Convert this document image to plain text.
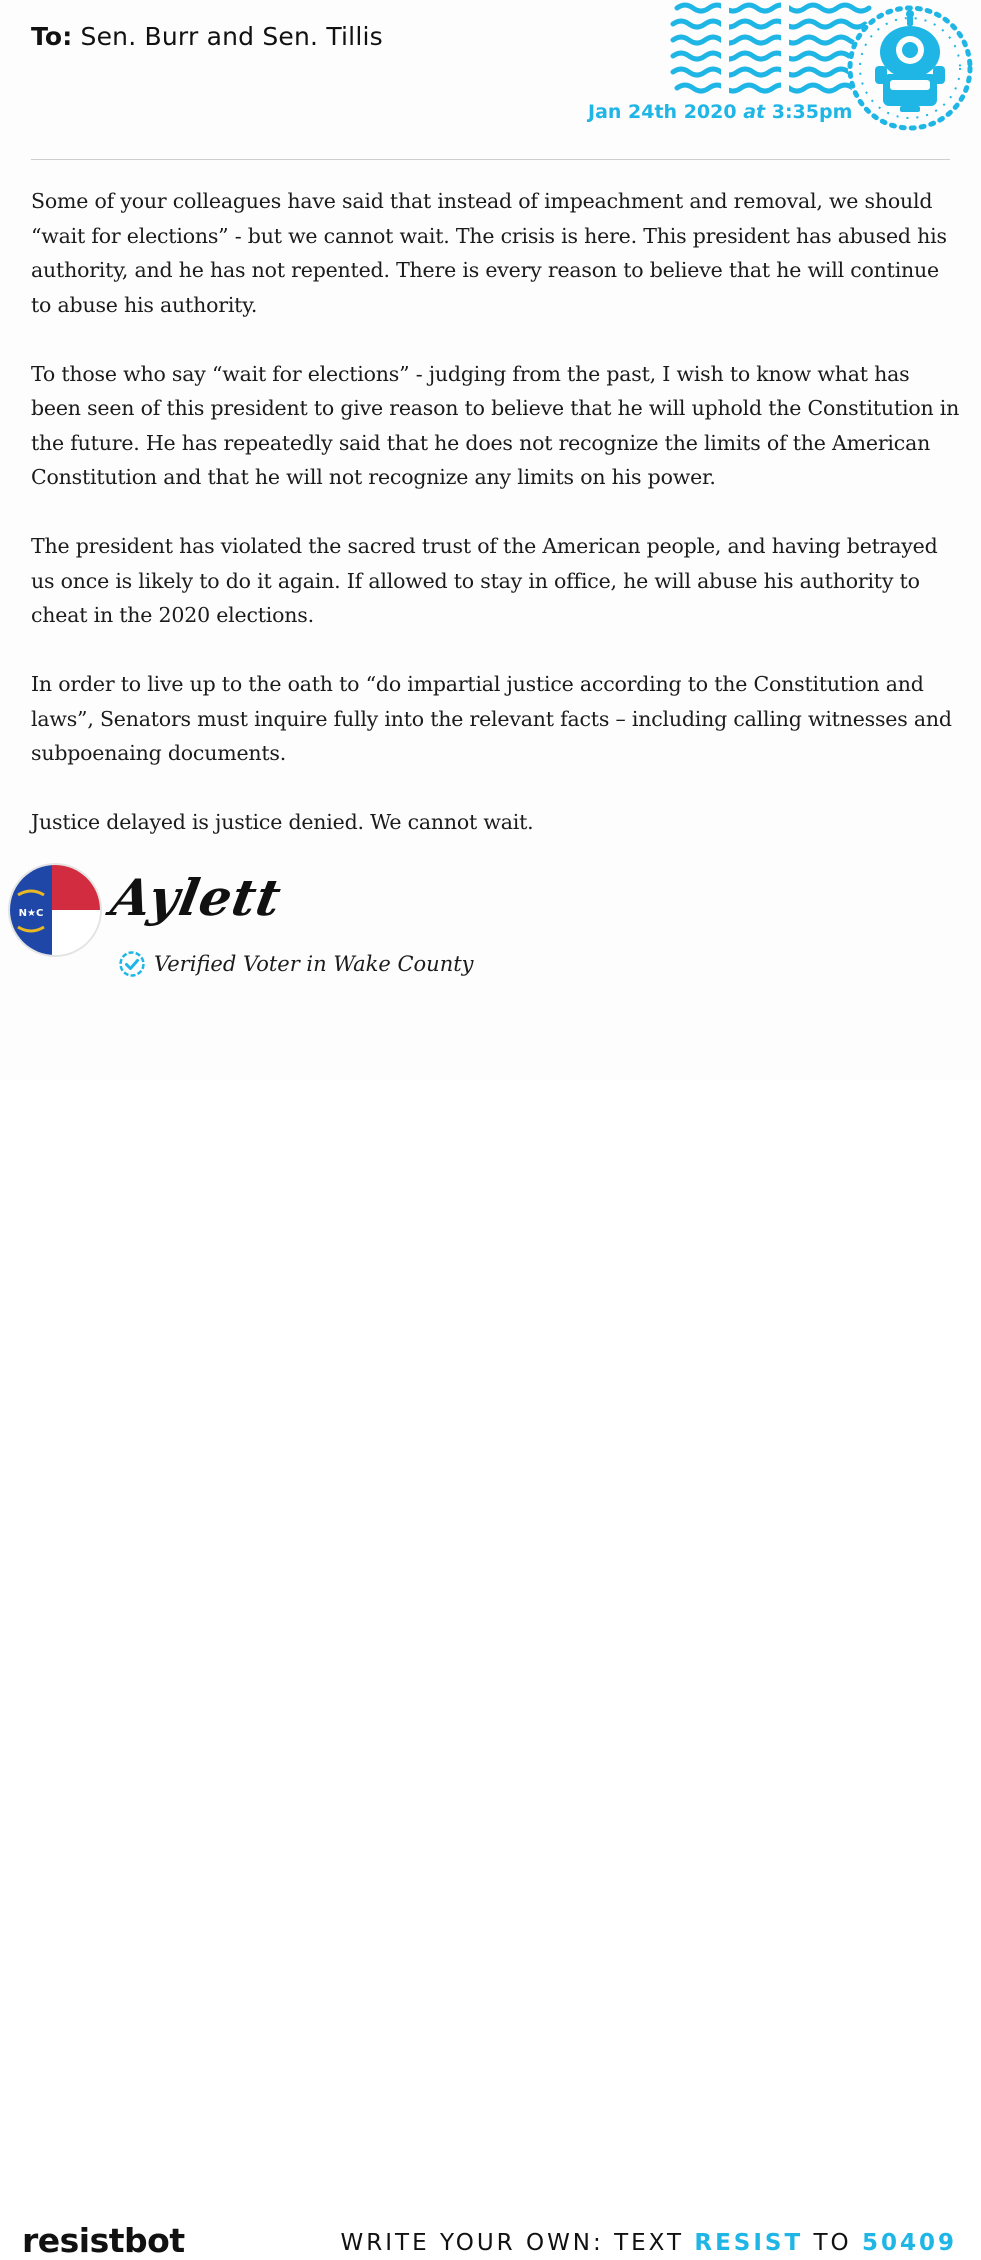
To: Sen. Burr and Sen. Tillis
Jan 24th 2020 at 3:35pm

Some of your colleagues have said that instead of impeachment and removal, we should “wait for elections” - but we cannot wait. The crisis is here. This president has abused his authority, and he has not repented. There is every reason to believe that he will continue to abuse his authority.

To those who say “wait for elections” - judging from the past, I wish to know what has been seen of this president to give reason to believe that he will uphold the Constitution in the future. He has repeatedly said that he does not recognize the limits of the American Constitution and that he will not recognize any limits on his power.

The president has violated the sacred trust of the American people, and having betrayed us once is likely to do it again. If allowed to stay in office, he will abuse his authority to cheat in the 2020 elections.

In order to live up to the oath to “do impartial justice according to the Constitution and laws”, Senators must inquire fully into the relevant facts – including calling witnesses and subpoenaing documents.

Justice delayed is justice denied. We cannot wait.

N★C Aylett
Verified Voter in Wake County
resistbot	WRITE YOUR OWN: TEXT RESIST TO 50409
